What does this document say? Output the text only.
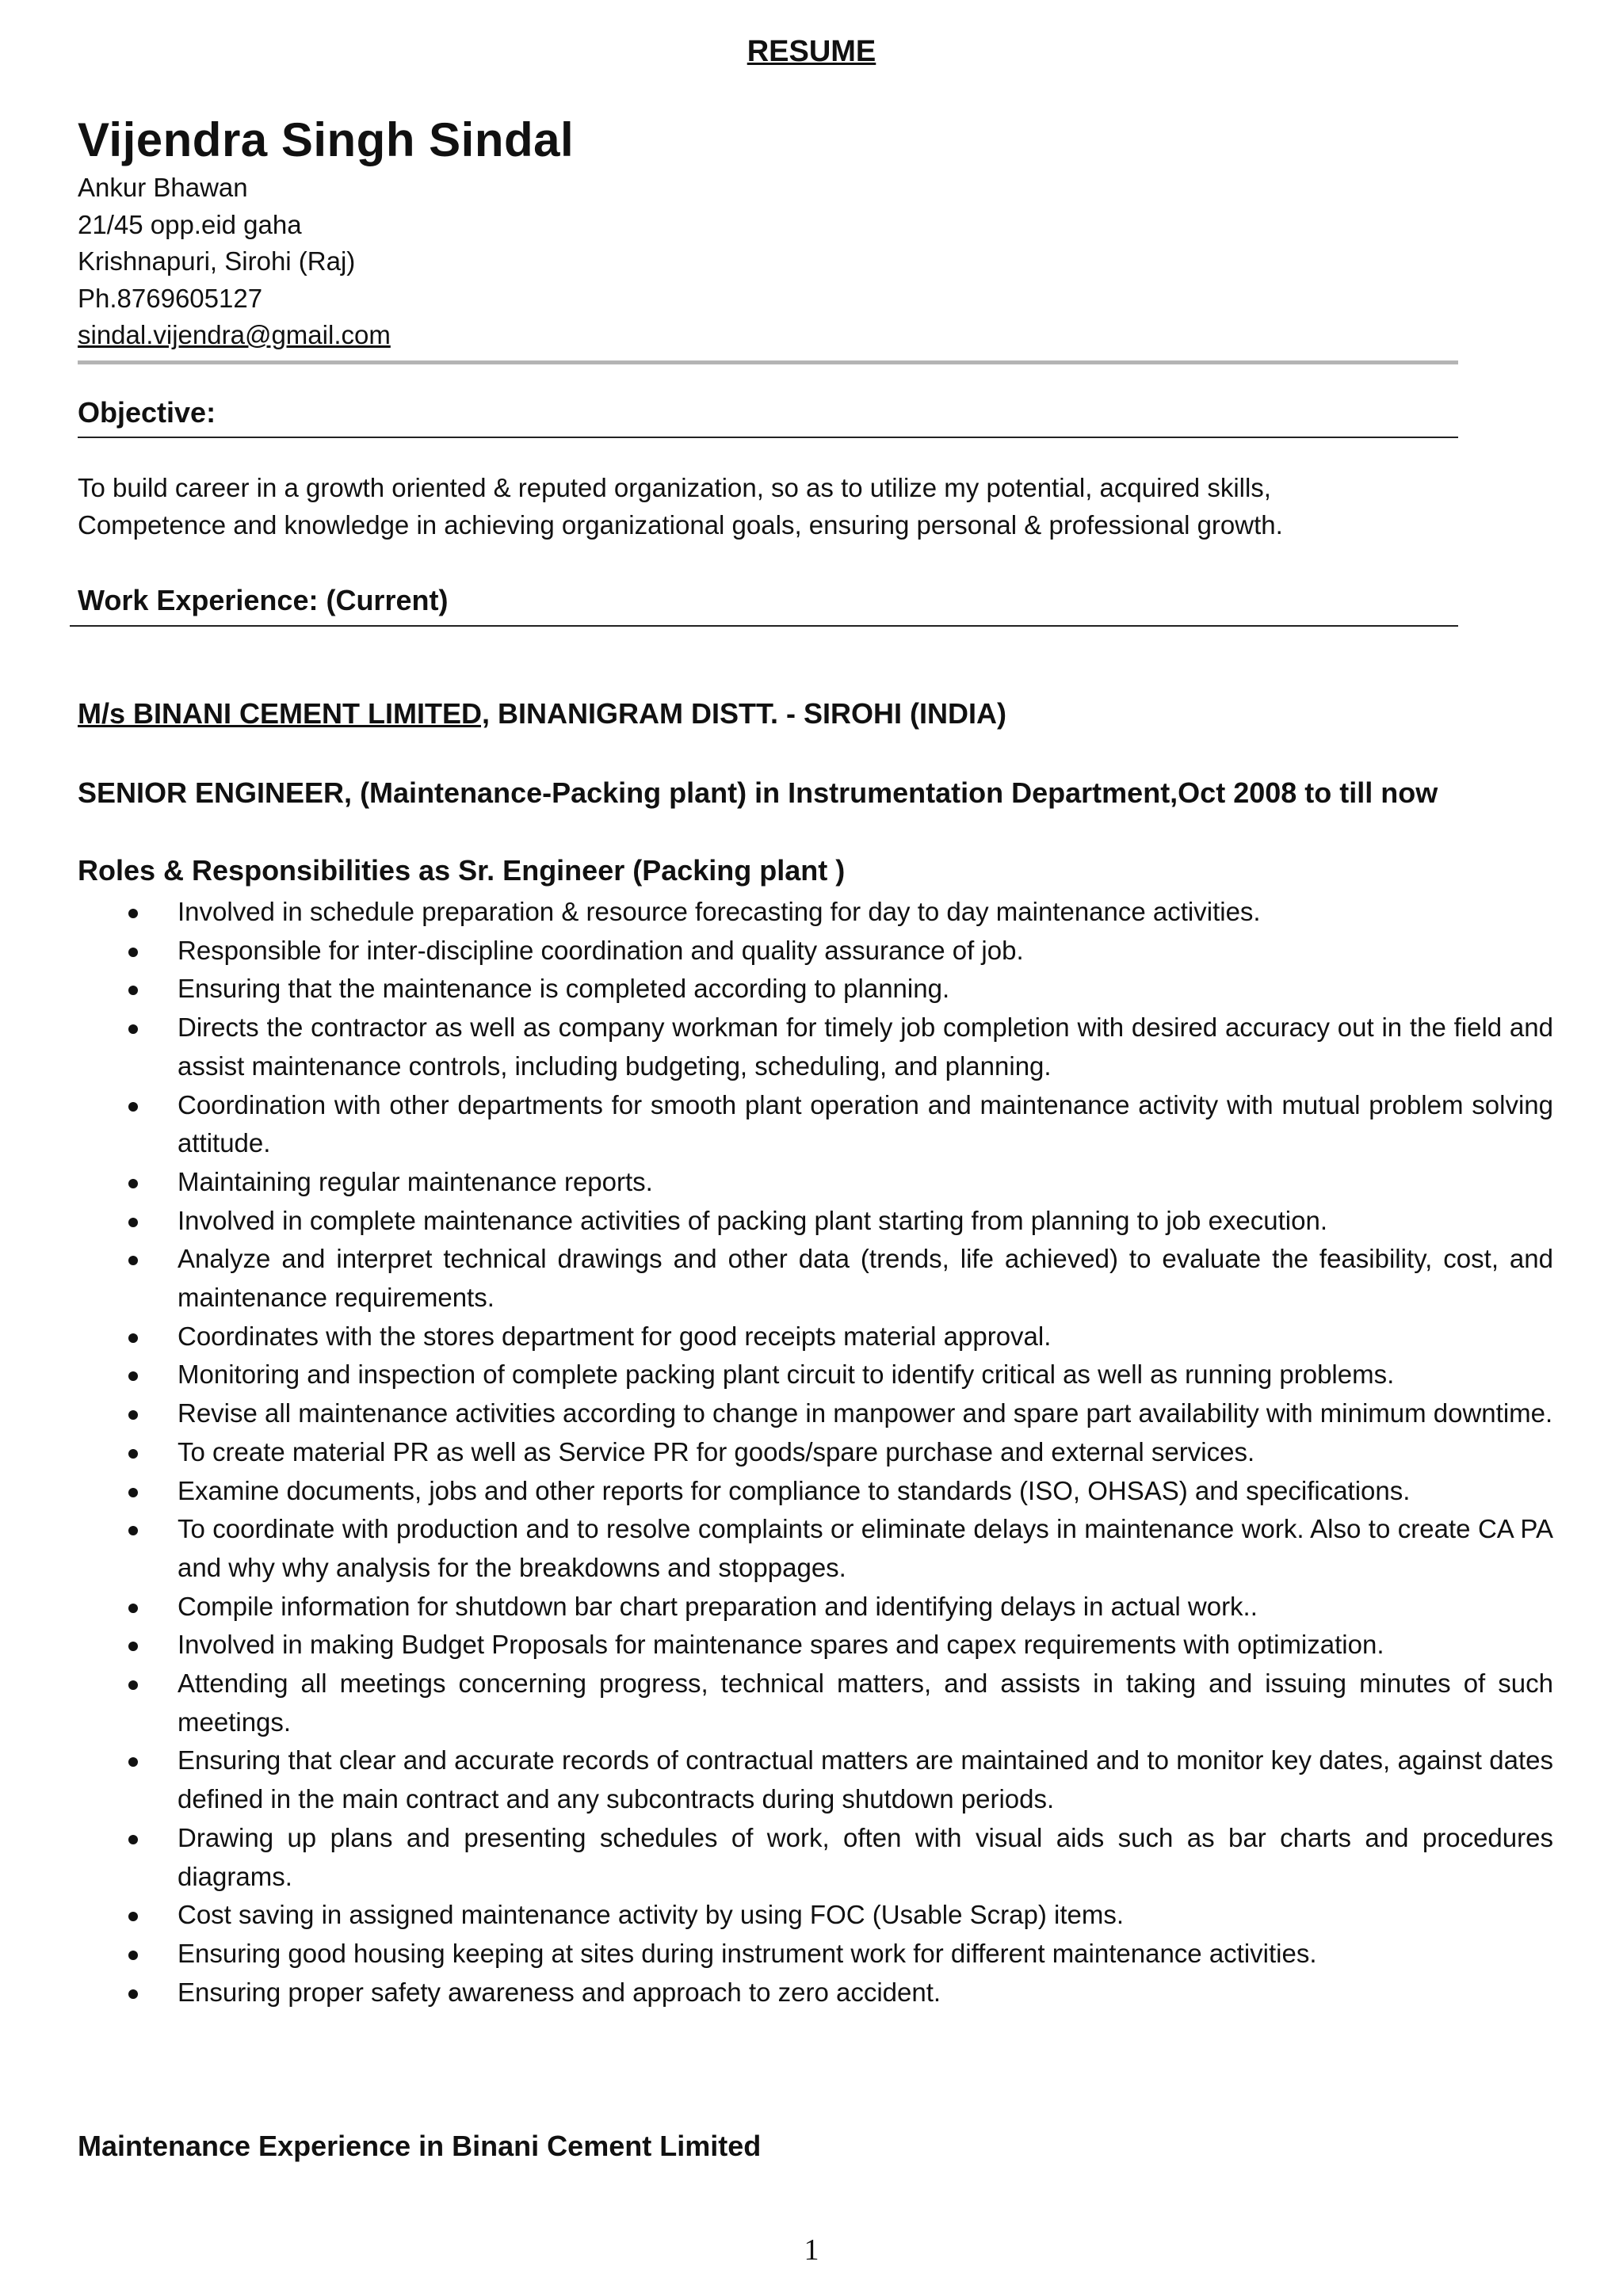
RESUME
Vijendra Singh Sindal
Ankur Bhawan
21/45 opp.eid gaha
Krishnapuri, Sirohi (Raj)
Ph.8769605127
sindal.vijendra@gmail.com
Objective:
To build career in a growth oriented & reputed organization, so as to utilize my potential, acquired skills,
Competence and knowledge in achieving organizational goals, ensuring personal & professional growth.
Work Experience: (Current)
M/s BINANI CEMENT LIMITED, BINANIGRAM DISTT. - SIROHI (INDIA)
SENIOR ENGINEER, (Maintenance-Packing plant) in Instrumentation Department,Oct 2008 to till now
Roles & Responsibilities as Sr. Engineer (Packing plant )
Involved in schedule preparation & resource forecasting for day to day maintenance activities.
Responsible for inter-discipline coordination and quality assurance of job.
Ensuring that the maintenance is completed according to planning.
Directs the contractor as well as company workman for timely job completion with desired accuracy out in the field and assist maintenance controls, including budgeting, scheduling, and planning.
Coordination with other departments for smooth plant operation and maintenance activity with mutual problem solving attitude.
Maintaining regular maintenance reports.
Involved in complete maintenance activities of packing plant starting from planning to job execution.
Analyze and interpret technical drawings and other data (trends, life achieved) to evaluate the feasibility, cost, and maintenance requirements.
Coordinates with the stores department for good receipts material approval.
Monitoring and inspection of complete packing plant circuit to identify critical as well as running problems.
Revise all maintenance activities according to change in manpower and spare part availability with minimum downtime.
To create material PR as well as Service PR for goods/spare purchase and external services.
Examine documents, jobs and other reports for compliance to standards (ISO, OHSAS) and specifications.
To coordinate with production and to resolve complaints or eliminate delays in maintenance work. Also to create CA PA and why why analysis for the breakdowns and stoppages.
Compile information for shutdown bar chart preparation and identifying delays in actual work..
Involved in making Budget Proposals for maintenance spares and capex requirements with optimization.
Attending all meetings concerning progress, technical matters, and assists in taking and issuing minutes of such meetings.
Ensuring that clear and accurate records of contractual matters are maintained and to monitor key dates, against dates defined in the main contract and any subcontracts during shutdown periods.
Drawing up plans and presenting schedules of work, often with visual aids such as bar charts and procedures diagrams.
Cost saving in assigned maintenance activity by using FOC (Usable Scrap) items.
Ensuring good housing keeping at sites during instrument work for different maintenance activities.
Ensuring proper safety awareness and approach to zero accident.
Maintenance Experience in Binani Cement Limited
1
